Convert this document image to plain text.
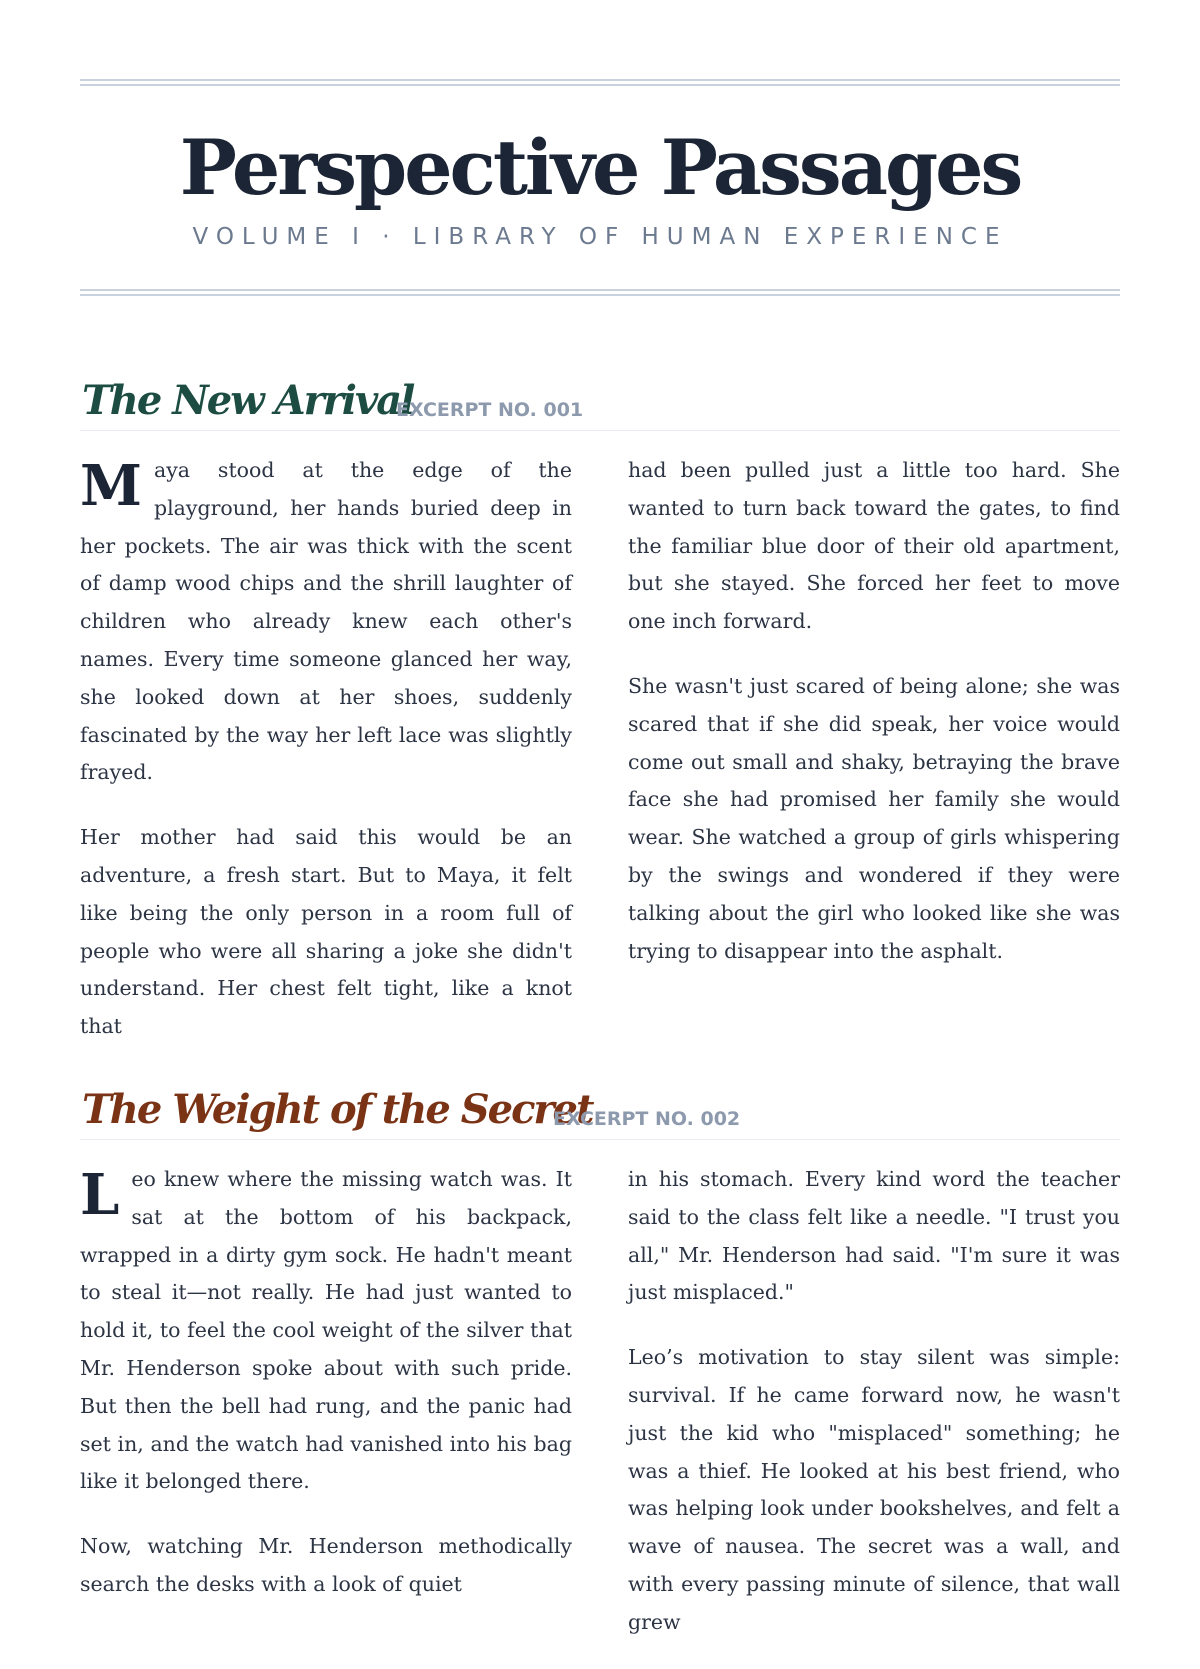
Perspective Passages
VOLUME I · LIBRARY OF HUMAN EXPERIENCE
The New Arrival
EXCERPT NO. 001

Maya stood at the edge of the playground, her hands buried deep in her pockets. The air was thick with the scent of damp wood chips and the shrill laughter of children who already knew each other's names. Every time someone glanced her way, she looked down at her shoes, suddenly fascinated by the way her left lace was slightly frayed.

Her mother had said this would be an adventure, a fresh start. But to Maya, it felt like being the only person in a room full of people who were all sharing a joke she didn't understand. Her chest felt tight, like a knot that

had been pulled just a little too hard. She wanted to turn back toward the gates, to find the familiar blue door of their old apartment, but she stayed. She forced her feet to move one inch forward.

She wasn't just scared of being alone; she was scared that if she did speak, her voice would come out small and shaky, betraying the brave face she had promised her family she would wear. She watched a group of girls whispering by the swings and wondered if they were talking about the girl who looked like she was trying to disappear into the asphalt.

The Weight of the Secret
EXCERPT NO. 002

Leo knew where the missing watch was. It sat at the bottom of his backpack, wrapped in a dirty gym sock. He hadn't meant to steal it—not really. He had just wanted to hold it, to feel the cool weight of the silver that Mr. Henderson spoke about with such pride. But then the bell had rung, and the panic had set in, and the watch had vanished into his bag like it belonged there.

Now, watching Mr. Henderson methodically search the desks with a look of quiet

in his stomach. Every kind word the teacher said to the class felt like a needle. "I trust you all," Mr. Henderson had said. "I'm sure it was just misplaced."

Leo’s motivation to stay silent was simple: survival. If he came forward now, he wasn't just the kid who "misplaced" something; he was a thief. He looked at his best friend, who was helping look under bookshelves, and felt a wave of nausea. The secret was a wall, and with every passing minute of silence, that wall grew
